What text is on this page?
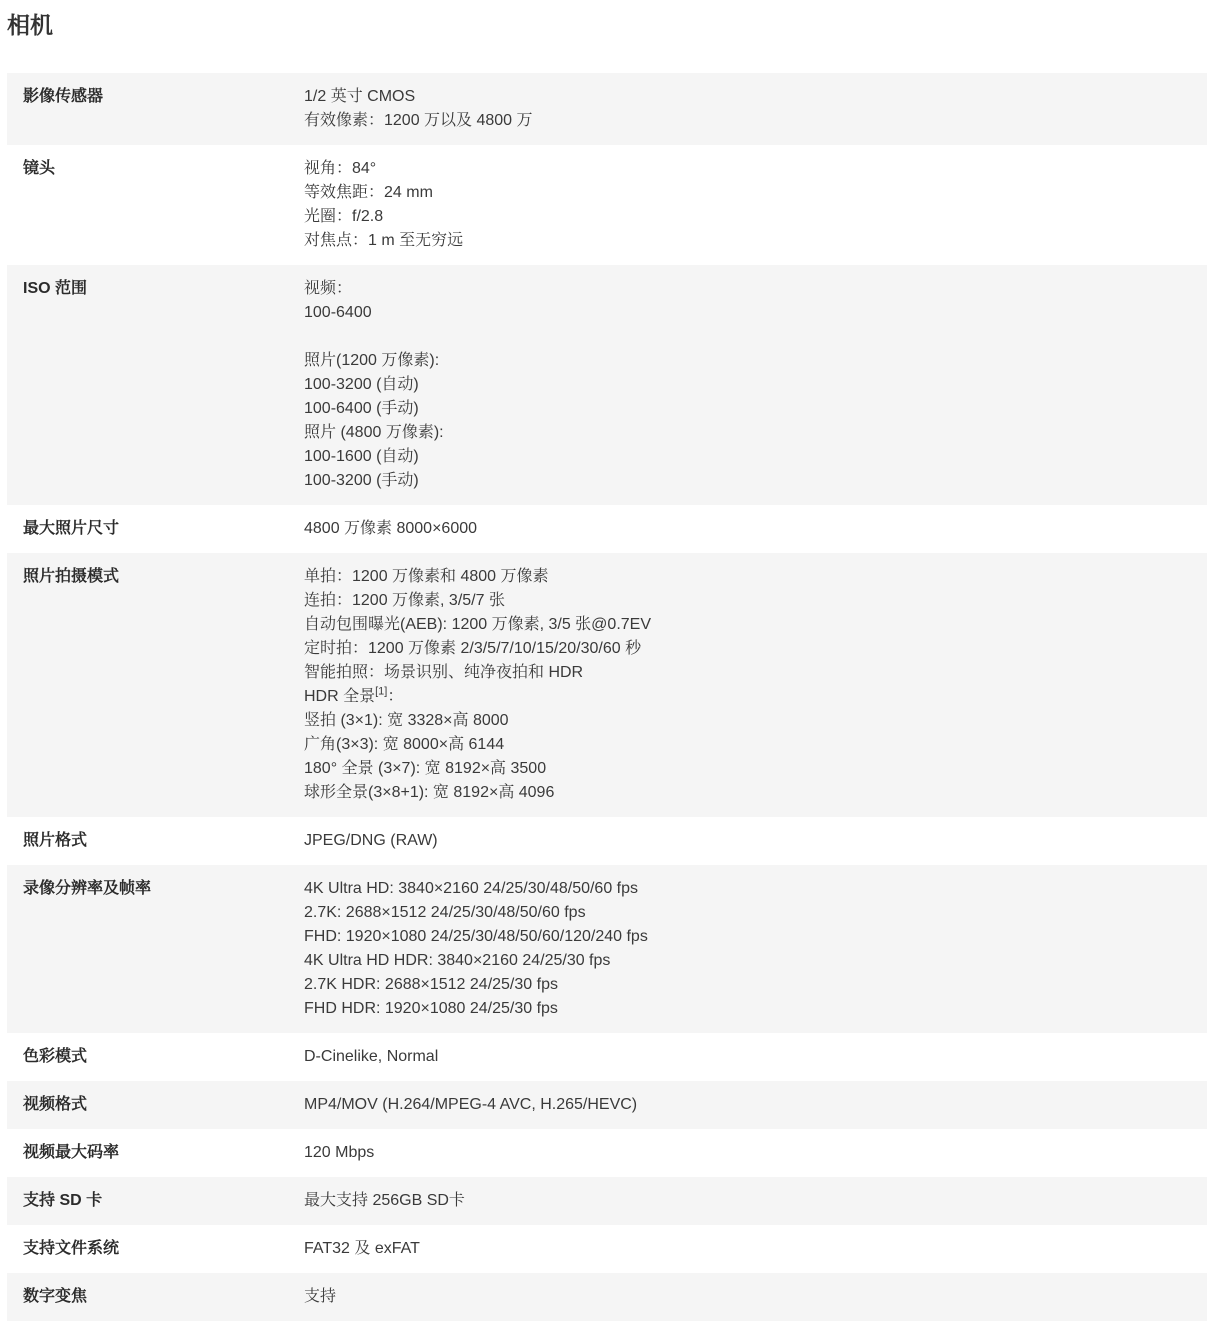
相机
影像传感器	1/2 英寸 CMOS
有效像素：1200 万以及 4800 万
镜头	视角：84°
等效焦距：24 mm
光圈：f/2.8
对焦点：1 m 至无穷远
ISO 范围	视频：
100-6400
照片(1200 万像素):
100-3200 (自动)
100-6400 (手动)
照片 (4800 万像素):
100-1600 (自动)
100-3200 (手动)
最大照片尺寸	4800 万像素 8000×6000
照片拍摄模式	单拍：1200 万像素和 4800 万像素
连拍：1200 万像素, 3/5/7 张
自动包围曝光(AEB): 1200 万像素, 3/5 张@0.7EV
定时拍：1200 万像素 2/3/5/7/10/15/20/30/60 秒
智能拍照：场景识别、纯净夜拍和 HDR
HDR 全景[1]：
竖拍 (3×1): 宽 3328×高 8000
广角(3×3): 宽 8000×高 6144
180° 全景 (3×7): 宽 8192×高 3500
球形全景(3×8+1): 宽 8192×高 4096
照片格式	JPEG/DNG (RAW)
录像分辨率及帧率	4K Ultra HD: 3840×2160 24/25/30/48/50/60 fps
2.7K: 2688×1512 24/25/30/48/50/60 fps
FHD: 1920×1080 24/25/30/48/50/60/120/240 fps
4K Ultra HD HDR: 3840×2160 24/25/30 fps
2.7K HDR: 2688×1512 24/25/30 fps
FHD HDR: 1920×1080 24/25/30 fps
色彩模式	D-Cinelike, Normal
视频格式	MP4/MOV (H.264/MPEG-4 AVC, H.265/HEVC)
视频最大码率	120 Mbps
支持 SD 卡	最大支持 256GB SD卡
支持文件系统	FAT32 及 exFAT
数字变焦	支持
